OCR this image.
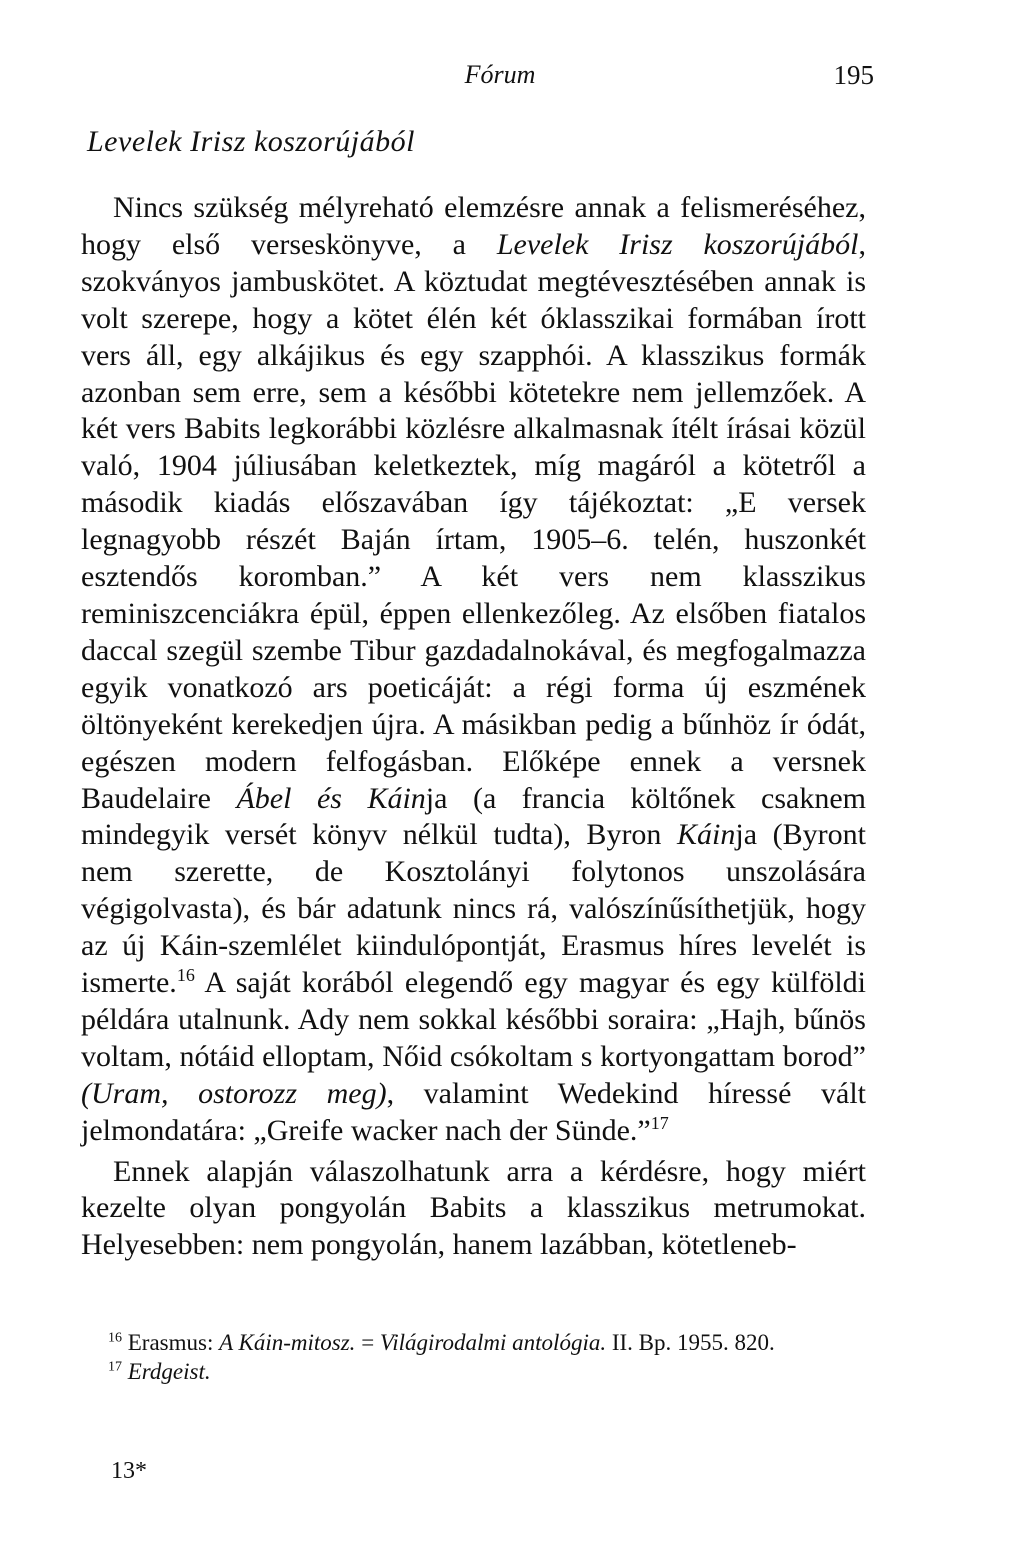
Fórum	195
Levelek Irisz koszorújából

Nincs szükség mélyreható elemzésre annak a felismeréséhez, hogy első verseskönyve, a Levelek Irisz koszorújából, szokványos jambuskötet. A köztudat megtévesztésében annak is volt szerepe, hogy a kötet élén két óklasszikai formában írott vers áll, egy alkájikus és egy szapphói. A klasszikus formák azonban sem erre, sem a későbbi kötetekre nem jellemzőek. A két vers Babits legkorábbi közlésre alkalmasnak ítélt írásai közül való, 1904 júliusában keletkeztek, míg magáról a kötetről a második kiadás előszavában így tájékoztat: „E versek legnagyobb részét Baján írtam, 1905–6. telén, huszonkét esztendős koromban.” A két vers nem klasszikus reminiszcenciákra épül, éppen ellenkezőleg. Az elsőben fiatalos daccal szegül szembe Tibur gazdadalnokával, és megfogalmazza egyik vonatkozó ars poeticáját: a régi forma új eszmének öltönyeként kerekedjen újra. A másikban pedig a bűnhöz ír ódát, egészen modern felfogásban. Előképe ennek a versnek Baudelaire Ábel és Káinja (a francia költőnek csaknem mindegyik versét könyv nélkül tudta), Byron Káinja (Byront nem szerette, de Kosztolányi folytonos unszolására végigolvasta), és bár adatunk nincs rá, valószínűsíthetjük, hogy az új Káin-szemlélet kiindulópontját, Erasmus híres levelét is ismerte.$^{16}$ A saját korából elegendő egy magyar és egy külföldi példára utalnunk. Ady nem sokkal későbbi soraira: „Hajh, bűnös voltam, nótáid elloptam, Nőid csókoltam s kortyongattam borod” (Uram, ostorozz meg), valamint Wedekind híressé vált jelmondatára: „Greife wacker nach der Sünde.”$^{17}$

Ennek alapján válaszolhatunk arra a kérdésre, hogy miért kezelte olyan pongyolán Babits a klasszikus metrumokat. Helyesebben: nem pongyolán, hanem lazábban, kötetleneb-

$^{16}$ Erasmus: A Káin-mitosz. = Világirodalmi antológia. II. Bp. 1955. 820.

$^{17}$ Erdgeist.

13*
